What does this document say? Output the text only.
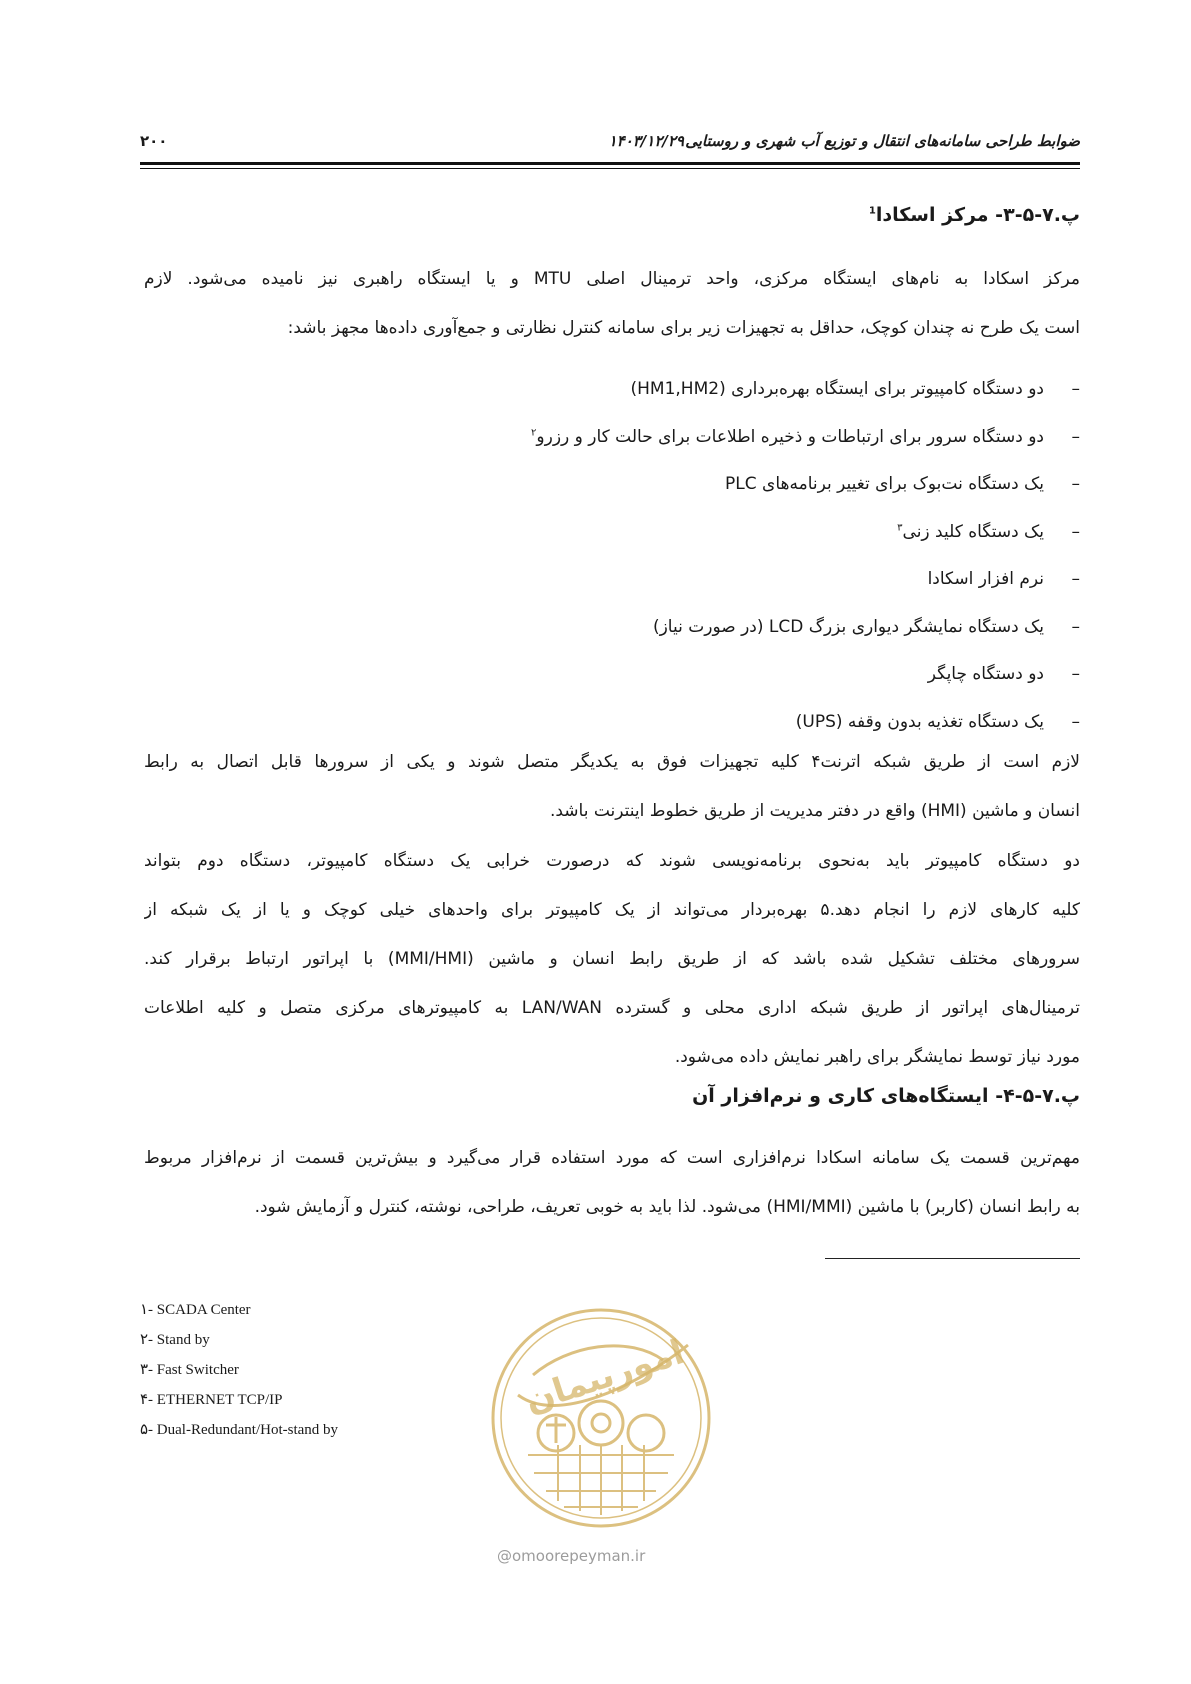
ضوابط طراحی سامانه‌های انتقال و توزیع آب شهری و روستایی
۱۴۰۳/۱۲/۲۹
۲۰۰
پ.۷-۵-۳- مرکز اسکادا$^1$
مرکز اسکادا به نام‌های ایستگاه مرکزی، واحد ترمینال اصلی MTU و یا ایستگاه راهبری نیز نامیده می‌شود. لازم
است یک طرح نه چندان کوچک، حداقل به تجهیزات زیر برای سامانه کنترل نظارتی و جمع‌آوری داده‌ها مجهز باشد:
–دو دستگاه کامپیوتر برای ایستگاه بهره‌برداری (HM1,HM2)
–دو دستگاه سرور برای ارتباطات و ذخیره اطلاعات برای حالت کار و رزرو$^۲$
–یک دستگاه نت‌بوک برای تغییر برنامه‌های PLC
–یک دستگاه کلید زنی$^۳$
–نرم افزار اسکادا
–یک دستگاه نمایشگر دیواری بزرگ LCD (در صورت نیاز)
–دو دستگاه چاپگر
–یک دستگاه تغذیه بدون وقفه (UPS)
لازم است از طریق شبکه اترنت۴ کلیه تجهیزات فوق به یکدیگر متصل شوند و یکی از سرورها قابل اتصال به رابط
انسان و ماشین (HMI) واقع در دفتر مدیریت از طریق خطوط اینترنت باشد.
دو دستگاه کامپیوتر باید به‌نحوی برنامه‌نویسی شوند که درصورت خرابی یک دستگاه کامپیوتر، دستگاه دوم بتواند
کلیه کارهای لازم را انجام دهد.۵ بهره‌بردار می‌تواند از یک کامپیوتر برای واحدهای خیلی کوچک و یا از یک شبکه از
سرورهای مختلف تشکیل شده باشد که از طریق رابط انسان و ماشین (MMI/HMI) با اپراتور ارتباط برقرار کند.
ترمینال‌های اپراتور از طریق شبکه اداری محلی و گسترده LAN/WAN به کامپیوترهای مرکزی متصل و کلیه اطلاعات
مورد نیاز توسط نمایشگر برای راهبر نمایش داده می‌شود.
پ.۷-۵-۴- ایستگاه‌های کاری و نرم‌افزار آن
مهم‌ترین قسمت یک سامانه اسکادا نرم‌افزاری است که مورد استفاده قرار می‌گیرد و بیش‌ترین قسمت از نرم‌افزار مربوط
به رابط انسان (کاربر) با ماشین (HMI/MMI) می‌شود. لذا باید به خوبی تعریف، طراحی، نوشته، کنترل و آزمایش شود.
۱- SCADA Center
۲- Stand by
۳- Fast Switcher
۴- ETHERNET TCP/IP
۵- Dual-Redundant/Hot-stand by
امورپیمان
@omoorepeyman.ir
